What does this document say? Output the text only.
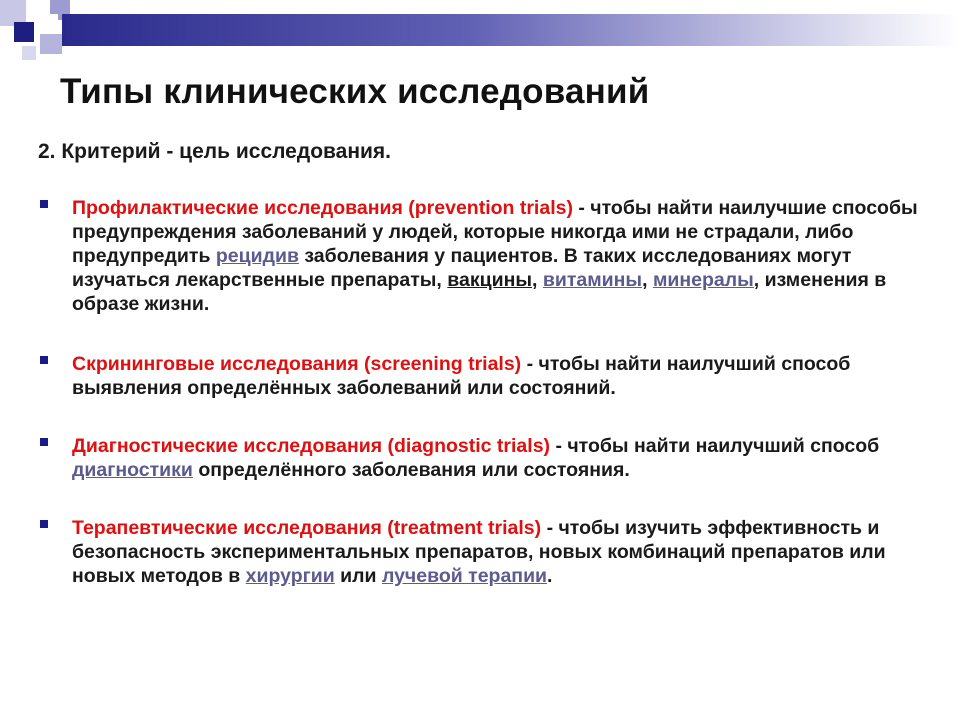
Типы клинических исследований
2. Критерий - цель исследования.
Профилактические исследования (prevention trials) - чтобы найти наилучшие способы предупреждения заболеваний у людей, которые никогда ими не страдали, либо предупредить рецидив заболевания у пациентов. В таких исследованиях могут изучаться лекарственные препараты, вакцины, витамины, минералы, изменения в образе жизни.
Скрининговые исследования (screening trials) - чтобы найти наилучший способ выявления определённых заболеваний или состояний.
Диагностические исследования (diagnostic trials) - чтобы найти наилучший способ диагностики определённого заболевания или состояния.
Терапевтические исследования (treatment trials) - чтобы изучить эффективность и безопасность экспериментальных препаратов, новых комбинаций препаратов или новых методов в хирургии или лучевой терапии.
